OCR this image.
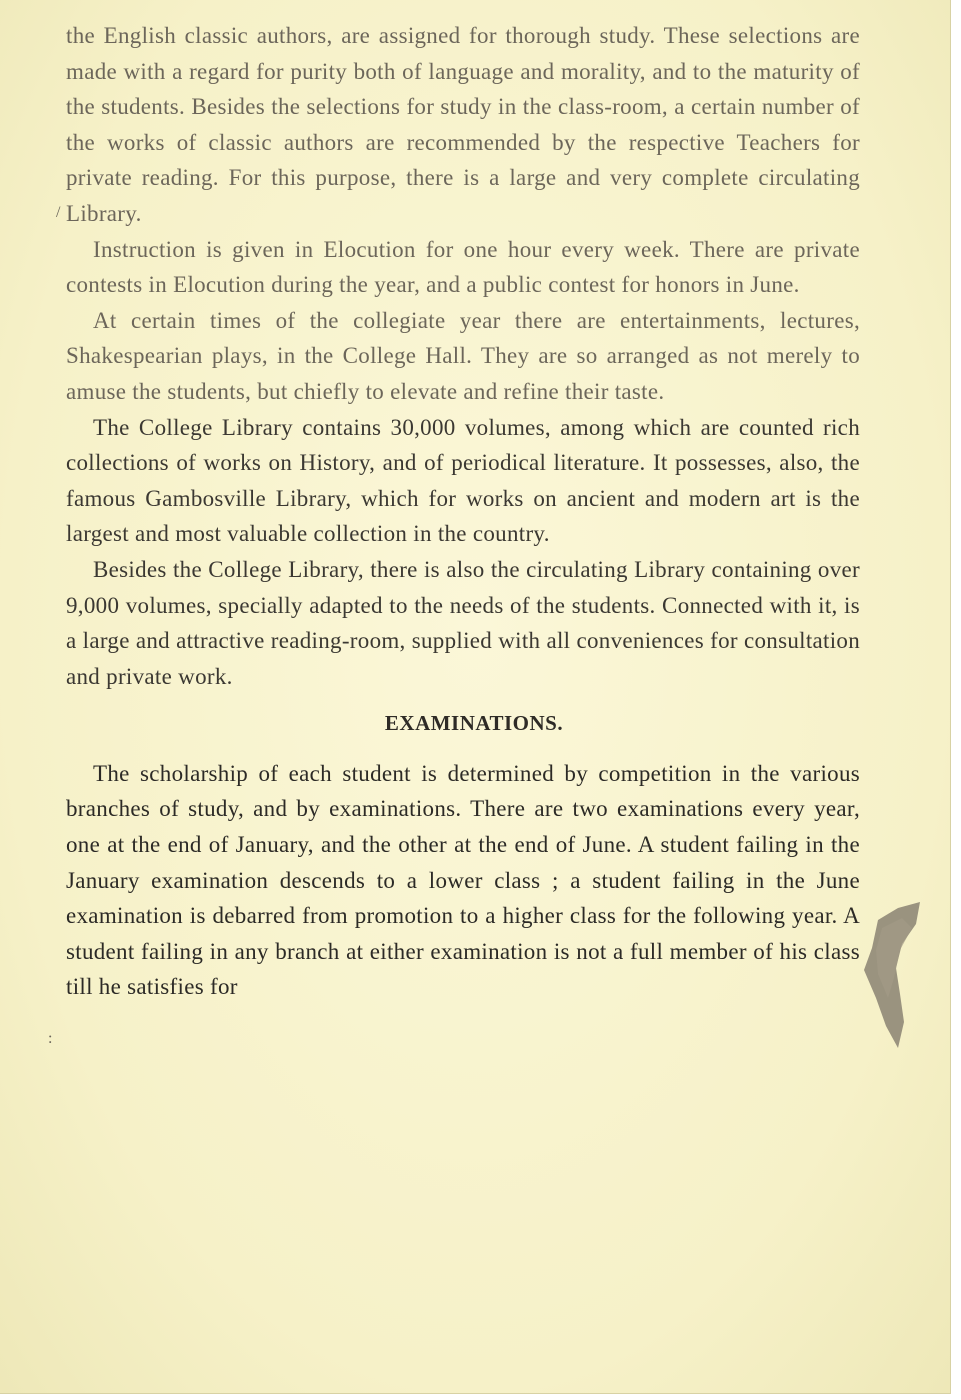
the English classic authors, are assigned for thorough study. These selections are made with a regard for purity both of language and morality, and to the maturity of the students. Besides the selections for study in the class-room, a certain number of the works of classic authors are recommended by the respective Teachers for private reading. For this purpose, there is a large and very complete circulating Library.

Instruction is given in Elocution for one hour every week. There are private contests in Elocution during the year, and a public contest for honors in June.

At certain times of the collegiate year there are entertainments, lectures, Shakespearian plays, in the College Hall. They are so arranged as not merely to amuse the students, but chiefly to elevate and refine their taste.

The College Library contains 30,000 volumes, among which are counted rich collections of works on History, and of periodical literature. It possesses, also, the famous Gambosville Library, which for works on ancient and modern art is the largest and most valuable collection in the country.

Besides the College Library, there is also the circulating Library containing over 9,000 volumes, specially adapted to the needs of the students. Connected with it, is a large and attractive reading-room, supplied with all conveniences for consultation and private work.

EXAMINATIONS.

The scholarship of each student is determined by competition in the various branches of study, and by examinations. There are two examinations every year, one at the end of January, and the other at the end of June. A student failing in the January examination descends to a lower class ; a student failing in the June examination is debarred from promotion to a higher class for the following year. A student failing in any branch at either examination is not a full member of his class till he satisfies for

/
:
